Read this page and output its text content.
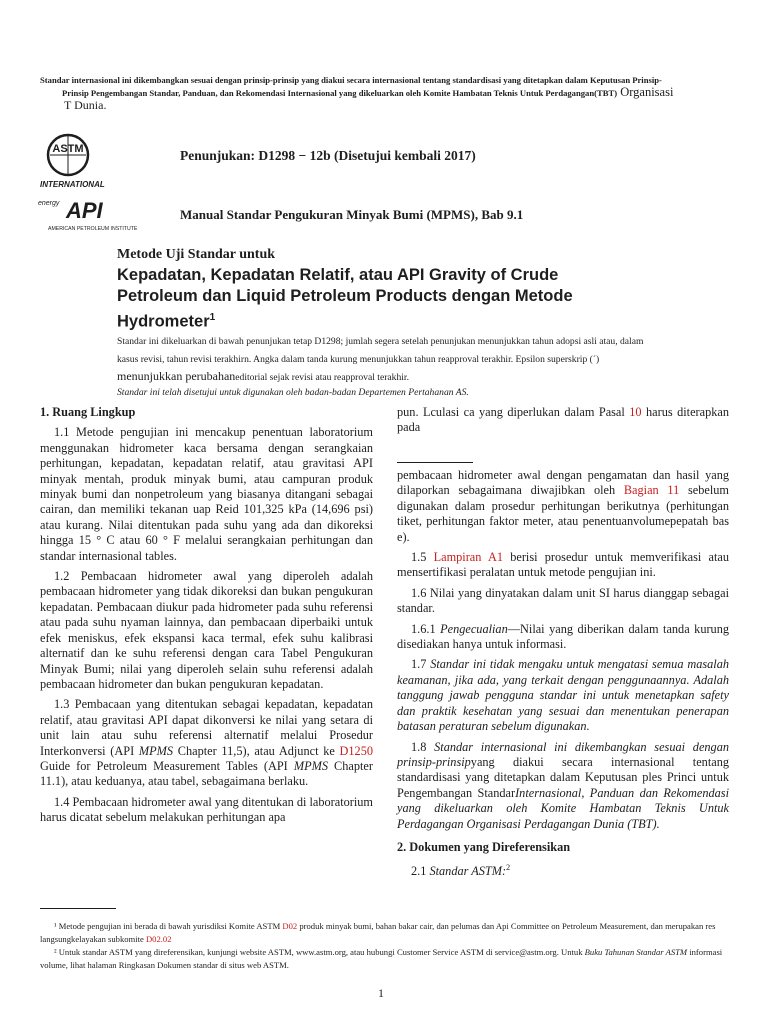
Standar internasional ini dikembangkan sesuai dengan prinsip-prinsip yang diakui secara internasional tentang standardisasi yang ditetapkan dalam Keputusan Prinsip-
Prinsip Pengembangan Standar, Panduan, dan Rekomendasi Internasional yang dikeluarkan oleh Komite Hambatan Teknis Untuk Perdagangan(TBT) Organisasi
T Dunia.
ASTM
INTERNATIONAL
energy API
AMERICAN PETROLEUM INSTITUTE
Penunjukan: D1298 − 12b (Disetujui kembali 2017)
Manual Standar Pengukuran Minyak Bumi (MPMS), Bab 9.1
Metode Uji Standar untuk
Kepadatan, Kepadatan Relatif, atau API Gravity of Crude Petroleum dan Liquid Petroleum Products dengan Metode Hydrometer$^1$
Standar ini dikeluarkan di bawah penunjukan tetap D1298; jumlah segera setelah penunjukan menunjukkan tahun adopsi asli atau, dalam kasus revisi, tahun revisi terakhirn. Angka dalam tanda kurung menunjukkan tahun reapproval terakhir. Epsilon superskrip (´) menunjukkan perubahaneditorial sejak revisi atau reapproval terakhir.
Standar ini telah disetujui untuk digunakan oleh badan-badan Departemen Pertahanan AS.
1. Ruang Lingkup

1.1 Metode pengujian ini mencakup penentuan laboratorium menggunakan hidrometer kaca bersama dengan serangkaian perhitungan, kepadatan, kepadatan relatif, atau gravitasi API minyak mentah, produk minyak bumi, atau campuran produk minyak bumi dan nonpetroleum yang biasanya ditangani sebagai cairan, dan memiliki tekanan uap Reid 101,325 kPa (14,696 psi) atau kurang. Nilai ditentukan pada suhu yang ada dan dikoreksi hingga 15 ° C atau 60 ° F melalui serangkaian perhitungan dan standar internasional tables.

1.2 Pembacaan hidrometer awal yang diperoleh adalah pembacaan hidrometer yang tidak dikoreksi dan bukan pengukuran kepadatan. Pembacaan diukur pada hidrometer pada suhu referensi atau pada suhu nyaman lainnya, dan pembacaan diperbaiki untuk efek meniskus, efek ekspansi kaca termal, efek suhu kalibrasi alternatif dan ke suhu referensi dengan cara Tabel Pengukuran Minyak Bumi; nilai yang diperoleh selain suhu referensi adalah pembacaan hidrometer dan bukan pengukuran kepadatan.

1.3 Pembacaan yang ditentukan sebagai kepadatan, kepadatan relatif, atau gravitasi API dapat dikonversi ke nilai yang setara di unit lain atau suhu referensi alternatif melalui Prosedur Interkonversi (API MPMS Chapter 11,5), atau Adjunct ke D1250 Guide for Petroleum Measurement Tables (API MPMS Chapter 11.1), atau keduanya, atau tabel, sebagaimana berlaku.

1.4 Pembacaan hidrometer awal yang ditentukan di laboratorium harus dicatat sebelum melakukan perhitungan apa

pun. Lculasi ca yang diperlukan dalam Pasal 10 harus diterapkan pada

pembacaan hidrometer awal dengan pengamatan dan hasil yang dilaporkan sebagaimana diwajibkan oleh Bagian 11 sebelum digunakan dalam prosedur perhitungan berikutnya (perhitungan tiket, perhitungan faktor meter, atau penentuanvolumepepatah bas e).

1.5 Lampiran A1 berisi prosedur untuk memverifikasi atau mensertifikasi peralatan untuk metode pengujian ini.

1.6 Nilai yang dinyatakan dalam unit SI harus dianggap sebagai standar.

1.6.1 Pengecualian—Nilai yang diberikan dalam tanda kurung disediakan hanya untuk informasi.

1.7 Standar ini tidak mengaku untuk mengatasi semua masalah keamanan, jika ada, yang terkait dengan penggunaannya. Adalah tanggung jawab pengguna standar ini untuk menetapkan safety dan praktik kesehatan yang sesuai dan menentukan penerapan batasan peraturan sebelum digunakan.

1.8 Standar internasional ini dikembangkan sesuai dengan prinsip-prinsipyang diakui secara internasional tentang standardisasi yang ditetapkan dalam Keputusan ples Princi untuk Pengembangan StandarInternasional, Panduan dan Rekomendasi yang dikeluarkan oleh Komite Hambatan Teknis Untuk Perdagangan Organisasi Perdagangan Dunia (TBT).

2. Dokumen yang Direferensikan

2.1 Standar ASTM:$^2$

¹ Metode pengujian ini berada di bawah yurisdiksi Komite ASTM D02 produk minyak bumi, bahan bakar cair, dan pelumas dan Api Committee on Petroleum Measurement, dan merupakan res langsungkelayakan subkomite D02.02

² Untuk standar ASTM yang direferensikan, kunjungi website ASTM, www.astm.org, atau hubungi Customer Service ASTM di service@astm.org. Untuk Buku Tahunan Standar ASTM informasi volume, lihat halaman Ringkasan Dokumen standar di situs web ASTM.

1
